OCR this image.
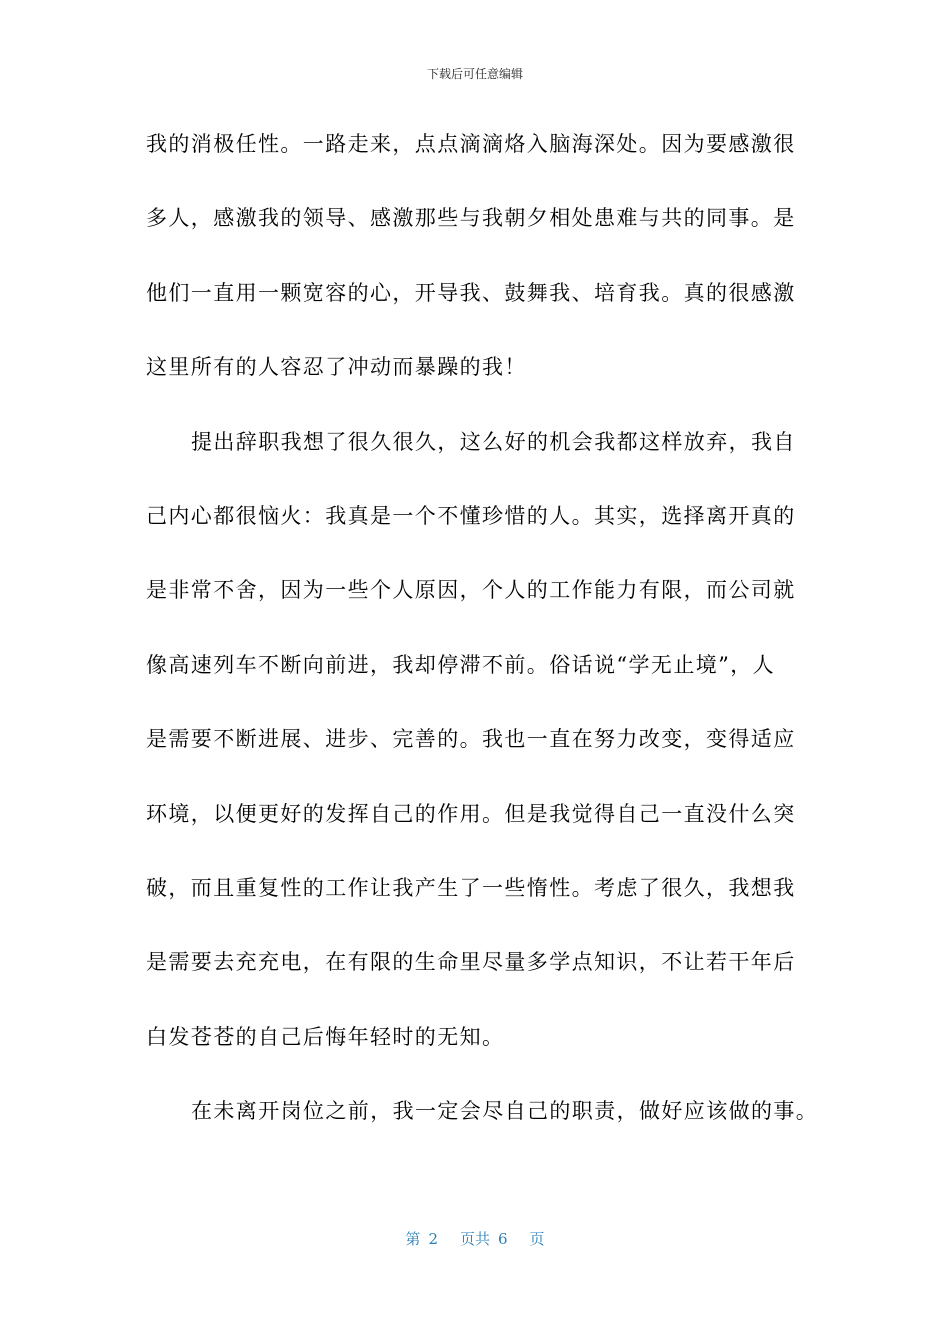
下载后可任意编辑
我的消极任性。一路走来，点点滴滴烙入脑海深处。因为要感激很
多人，感激我的领导、感激那些与我朝夕相处患难与共的同事。是
他们一直用一颗宽容的心，开导我、鼓舞我、培育我。真的很感激
这里所有的人容忍了冲动而暴躁的我！
提出辞职我想了很久很久，这么好的机会我都这样放弃，我自
己内心都很恼火：我真是一个不懂珍惜的人。其实，选择离开真的
是非常不舍，因为一些个人原因，个人的工作能力有限，而公司就
像高速列车不断向前进，我却停滞不前。俗话说“学无止境”，人
是需要不断进展、进步、完善的。我也一直在努力改变，变得适应
环境，以便更好的发挥自己的作用。但是我觉得自己一直没什么突
破，而且重复性的工作让我产生了一些惰性。考虑了很久，我想我
是需要去充充电，在有限的生命里尽量多学点知识，不让若干年后
白发苍苍的自己后悔年轻时的无知。
在未离开岗位之前，我一定会尽自己的职责，做好应该做的事。
第 2 页共 6 页
